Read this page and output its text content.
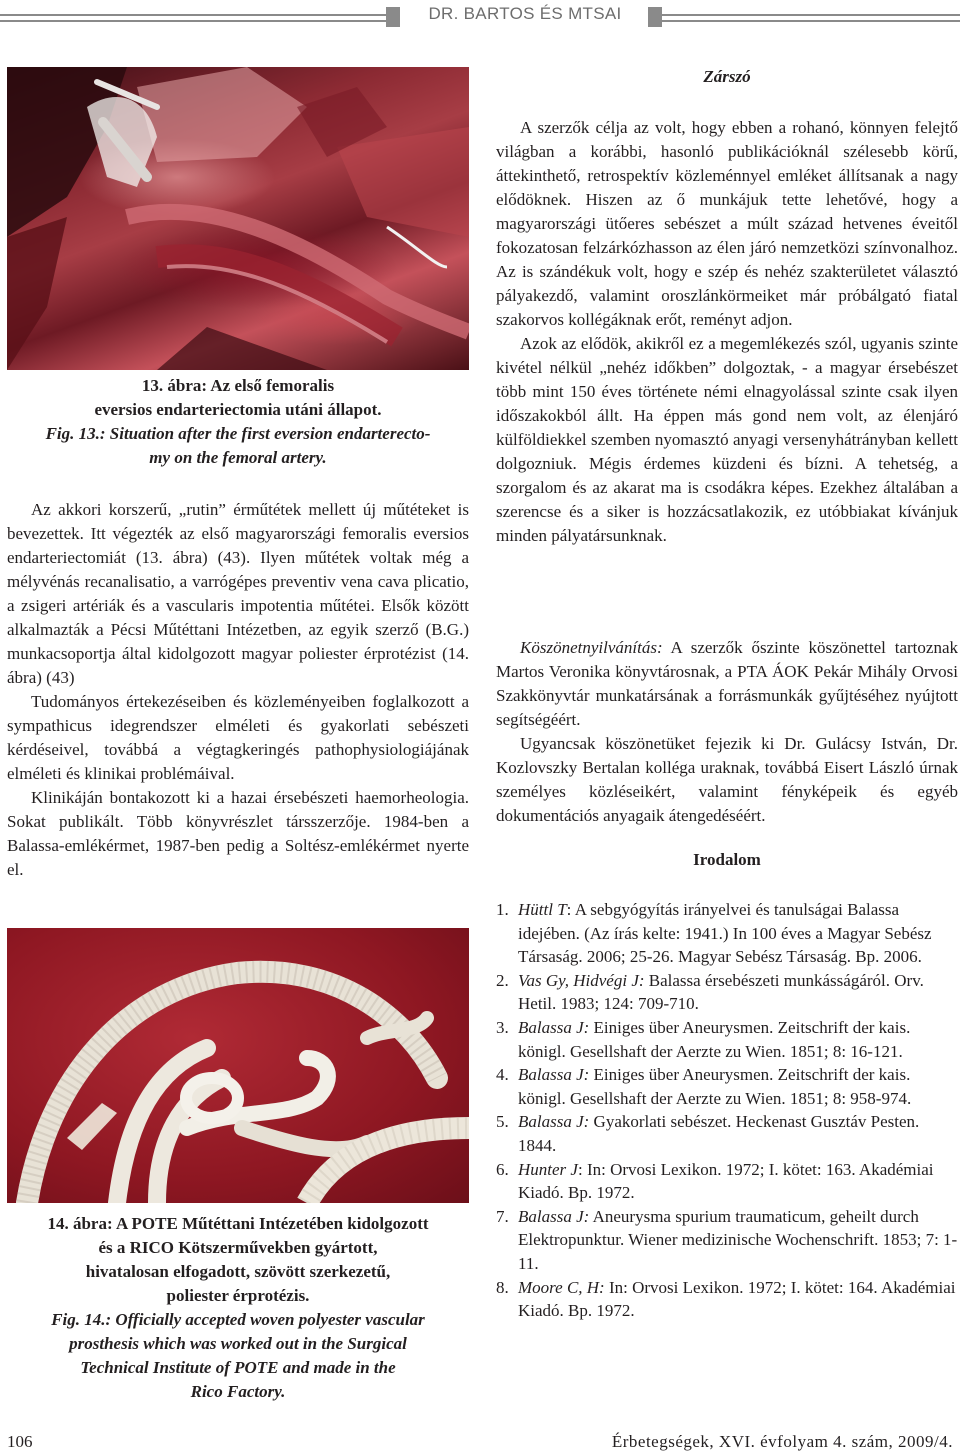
DR. BARTOS ÉS MTSAI
13. ábra: Az első femoralis
eversios endarteriectomia utáni állapot.
Fig. 13.: Situation after the first eversion endarterecto-
my on the femoral artery.

Az akkori korszerű, „rutin” érműtétek mellett új műtéteket is bevezettek. Itt végezték az első magyarországi femoralis eversios endarteriectomiát (13. ábra) (43). Ilyen műtétek voltak még a mélyvénás recanalisatio, a varrógépes preventiv vena cava plicatio, a zsigeri artériák és a vascularis impotentia műtétei. Elsők között alkalmazták a Pécsi Műtéttani Intézetben, az egyik szerző (B.G.) munkacsoportja által kidolgozott magyar poliester érprotézist (14. ábra) (43)

Tudományos értekezéseiben és közleményeiben foglalkozott a sympathicus idegrendszer elméleti és gyakorlati sebészeti kérdéseivel, továbbá a végtagkeringés pathophysiologiájának elméleti és klinikai problémáival.

Klinikáján bontakozott ki a hazai érsebészeti haemorheologia. Sokat publikált. Több könyvrészlet társszerzője. 1984-ben a Balassa-emlékérmet, 1987-ben pedig a Soltész-emlékérmet nyerte el.

14. ábra: A POTE Műtéttani Intézetében kidolgozott
és a RICO Kötszerművekben gyártott,
hivatalosan elfogadott, szövött szerkezetű,
poliester érprotézis.
Fig. 14.: Officially accepted woven polyester vascular
prosthesis which was worked out in the Surgical
Technical Institute of POTE and made in the
Rico Factory.
Zárszó

A szerzők célja az volt, hogy ebben a rohanó, könnyen felejtő világban a korábbi, hasonló publikációknál szélesebb körű, áttekinthető, retrospektív közleménnyel emléket állítsanak a nagy elődöknek. Hiszen az ő munkájuk tette lehetővé, hogy a magyarországi ütőeres sebészet a múlt század hetvenes éveitől fokozatosan felzárkózhasson az élen járó nemzetközi színvonalhoz. Az is szándékuk volt, hogy e szép és nehéz szakterületet választó pályakezdő, valamint oroszlánkörmeiket már próbálgató fiatal szakorvos kollégáknak erőt, reményt adjon.

Azok az elődök, akikről ez a megemlékezés szól, ugyanis szinte kivétel nélkül „nehéz időkben” dolgoztak, - a magyar érsebészet több mint 150 éves története némi elnagyolással szinte csak ilyen időszakokból állt. Ha éppen más gond nem volt, az élenjáró külföldiekkel szemben nyomasztó anyagi versenyhátrányban kellett dolgozniuk. Mégis érdemes küzdeni és bízni. A tehetség, a szorgalom és az akarat ma is csodákra képes. Ezekhez általában a szerencse és a siker is hozzácsatlakozik, ez utóbbiakat kívánjuk minden pályatársunknak.

Köszönetnyilvánítás: A szerzők őszinte köszönettel tartoznak Martos Veronika könyvtárosnak, a PTA ÁOK Pekár Mihály Orvosi Szakkönyvtár munkatársának a forrásmunkák gyűjtéséhez nyújtott segítségéért.

Ugyancsak köszönetüket fejezik ki Dr. Gulácsy István, Dr. Kozlovszky Bertalan kolléga uraknak, továbbá Eisert László úrnak személyes közléseikért, valamint fényképeik és egyéb dokumentációs anyagaik átengedéséért.

Irodalom
1. Hüttl T: A sebgyógyítás irányelvei és tanulságai Balassa idejében. (Az írás kelte: 1941.) In 100 éves a Magyar Sebész Társaság. 2006; 25-26. Magyar Sebész Társaság. Bp. 2006.
2. Vas Gy, Hidvégi J: Balassa érsebészeti munkásságáról. Orv. Hetil. 1983; 124: 709-710.
3. Balassa J: Einiges über Aneurysmen. Zeitschrift der kais. königl. Gesellshaft der Aerzte zu Wien. 1851; 8: 16-121.
4. Balassa J: Einiges über Aneurysmen. Zeitschrift der kais. königl. Gesellshaft der Aerzte zu Wien. 1851; 8: 958-974.
5. Balassa J: Gyakorlati sebészet. Heckenast Gusztáv Pesten. 1844.
6. Hunter J: In: Orvosi Lexikon. 1972; I. kötet: 163. Akadémiai Kiadó. Bp. 1972.
7. Balassa J: Aneurysma spurium traumaticum, geheilt durch Elektropunktur. Wiener medizinische Wochenschrift. 1853; 7: 1-11.
8. Moore C, H: In: Orvosi Lexikon. 1972; I. kötet: 164. Akadémiai Kiadó. Bp. 1972.
106	Érbetegségek, XVI. évfolyam 4. szám, 2009/4.
